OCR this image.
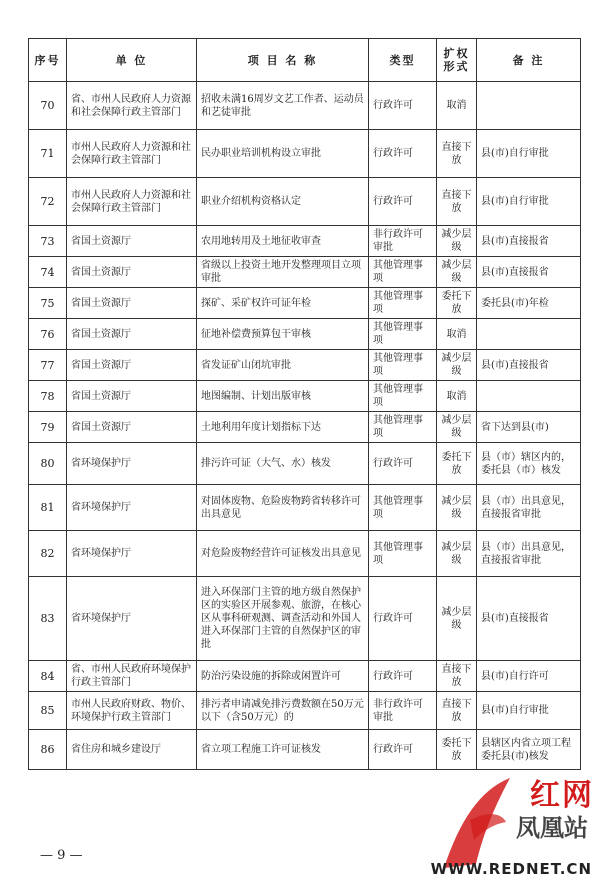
序号	单 位	项 目 名 称	类型	扩权形式	备 注
70	省、市州人民政府人力资源和社会保障行政主管部门	招收未满16周岁文艺工作者、运动员和艺徒审批	行政许可	取消	
71	市州人民政府人力资源和社会保障行政主管部门	民办职业培训机构设立审批	行政许可	直接下放	县(市)自行审批
72	市州人民政府人力资源和社会保障行政主管部门	职业介绍机构资格认定	行政许可	直接下放	县(市)自行审批
73	省国土资源厅	农用地转用及土地征收审查	非行政许可审批	减少层级	县(市)直接报省
74	省国土资源厅	省级以上投资土地开发整理项目立项审批	其他管理事项	减少层级	县(市)直接报省
75	省国土资源厅	探矿、采矿权许可证年检	其他管理事项	委托下放	委托县(市)年检
76	省国土资源厅	征地补偿费预算包干审核	其他管理事项	取消	
77	省国土资源厅	省发证矿山闭坑审批	其他管理事项	减少层级	县(市)直接报省
78	省国土资源厅	地图编制、计划出版审核	其他管理事项	取消	
79	省国土资源厅	土地利用年度计划指标下达	其他管理事项	减少层级	省下达到县(市)
80	省环境保护厅	排污许可证（大气、水）核发	行政许可	委托下放	县（市）辖区内的，委托县（市）核发
81	省环境保护厅	对固体废物、危险废物跨省转移许可出具意见	其他管理事项	减少层级	县（市）出具意见，直接报省审批
82	省环境保护厅	对危险废物经营许可证核发出具意见	其他管理事项	减少层级	县（市）出具意见，直接报省审批
83	省环境保护厅	进入环保部门主管的地方级自然保护区的实验区开展参观、旅游，在核心区从事科研观测、调查活动和外国人进入环保部门主管的自然保护区的审批	行政许可	减少层级	县(市)直接报省
84	省、市州人民政府环境保护行政主管部门	防治污染设施的拆除或闲置许可	行政许可	直接下放	县(市)自行许可
85	市州人民政府财政、物价、环境保护行政主管部门	排污者申请减免排污费数额在50万元以下（含50万元）的	非行政许可审批	直接下放	县(市)自行审批
86	省住房和城乡建设厅	省立项工程施工许可证核发	行政许可	委托下放	县辖区内省立项工程委托县(市)核发
— 9 —
红网
凤凰站
WWW.REDNET.CN
